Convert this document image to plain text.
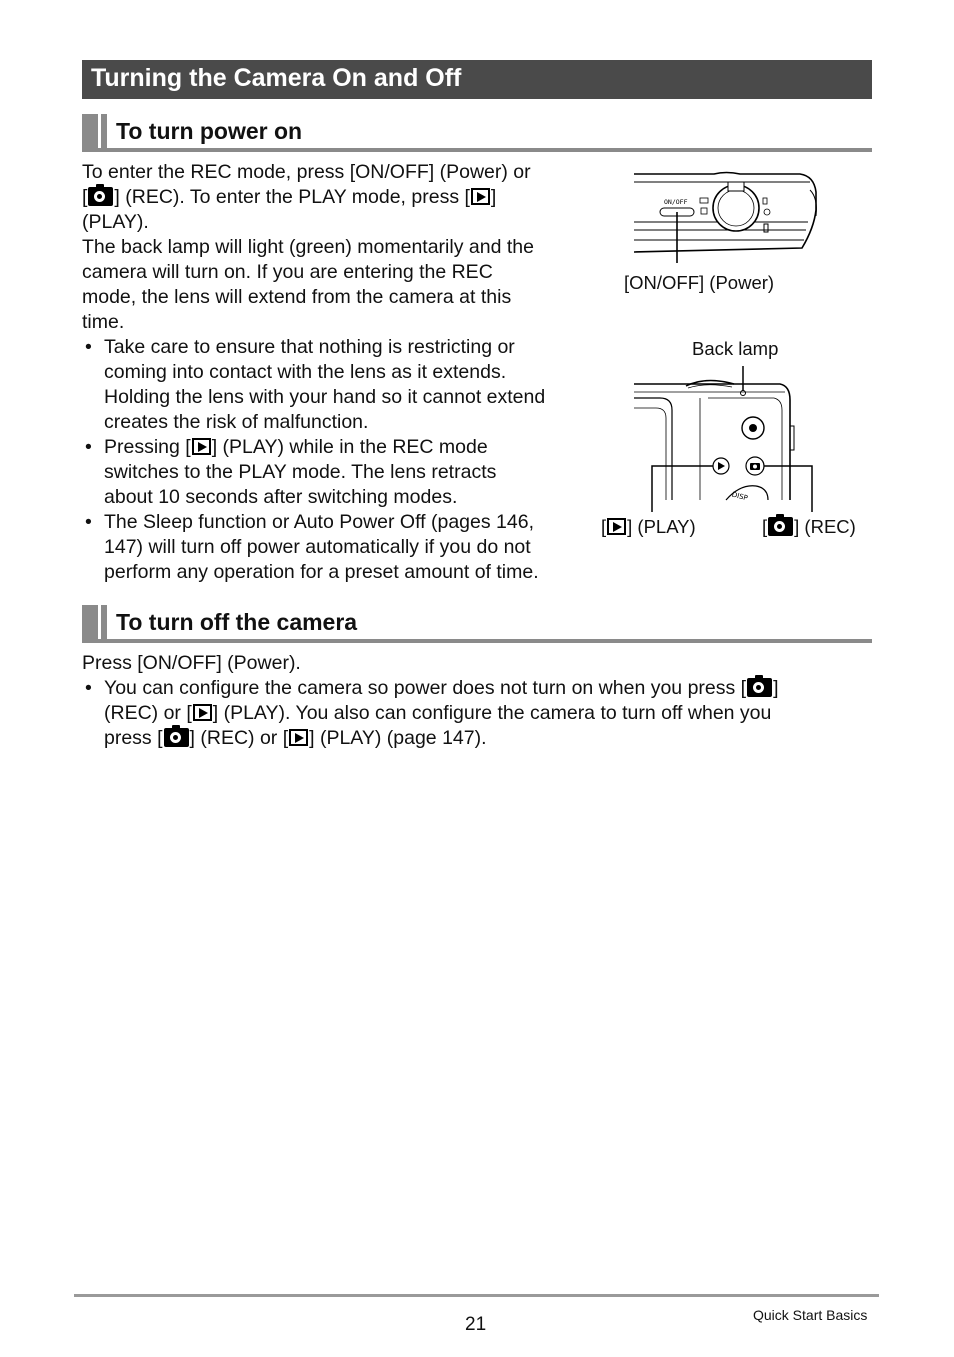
Turning the Camera On and Off
To turn power on
To enter the REC mode, press [ON/OFF] (Power) or
[ ] (REC). To enter the PLAY mode, press [ ]
(PLAY).
The back lamp will light (green) momentarily and the
camera will turn on. If you are entering the REC
mode, the lens will extend from the camera at this
time.
• Take care to ensure that nothing is restricting or
coming into contact with the lens as it extends.
Holding the lens with your hand so it cannot extend
creates the risk of malfunction.
• Pressing [ ] (PLAY) while in the REC mode
switches to the PLAY mode. The lens retracts
about 10 seconds after switching modes.
• The Sleep function or Auto Power Off (pages 146,
147) will turn off power automatically if you do not
perform any operation for a preset amount of time.
ON/OFF
[ON/OFF] (Power)
Back lamp
DISP
[ ] (PLAY)	[ ] (REC)
To turn off the camera
Press [ON/OFF] (Power).
• You can configure the camera so power does not turn on when you press [ ]
(REC) or [ ] (PLAY). You also can configure the camera to turn off when you
press [ ] (REC) or [ ] (PLAY) (page 147).
21	Quick Start Basics
